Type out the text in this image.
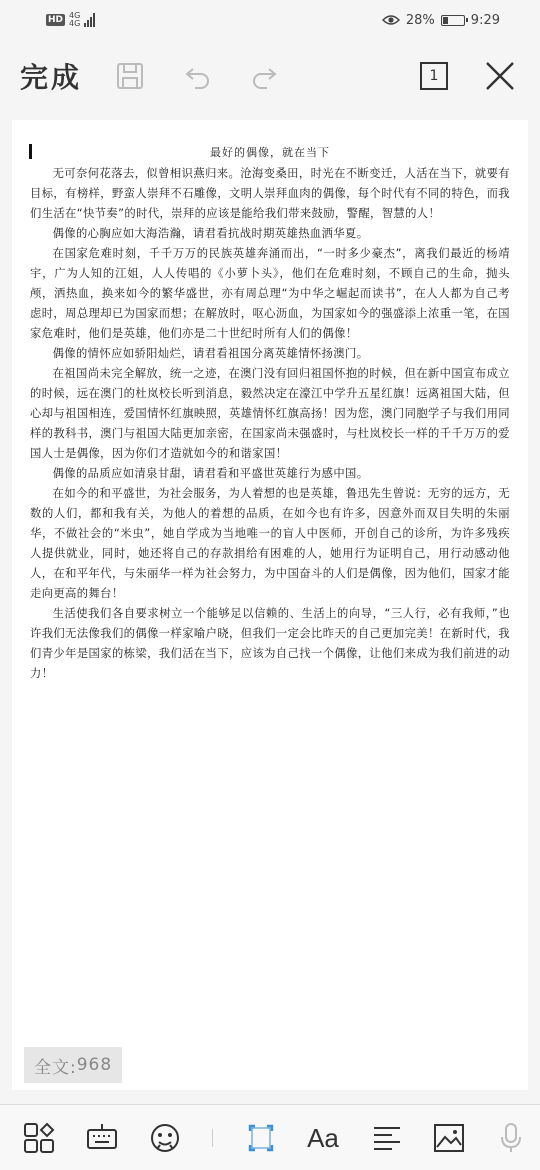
HD 4G
4G	28%	9:29
完成	1
最好的偶像，就在当下

无可奈何花落去，似曾相识燕归来。沧海变桑田，时光在不断变迁，人活在当下，就要有目标，有榜样，野蛮人崇拜不石雕像，文明人崇拜血肉的偶像，每个时代有不同的特色，而我们生活在“快节奏”的时代，崇拜的应该是能给我们带来鼓励，警醒，智慧的人！

偶像的心胸应如大海浩瀚，请君看抗战时期英雄热血洒华夏。

在国家危难时刻，千千万万的民族英雄奔涌而出，“一时多少豪杰”，离我们最近的杨靖宇，广为人知的江姐，人人传唱的《小萝卜头》，他们在危难时刻，不顾自己的生命，抛头颅，洒热血，换来如今的繁华盛世，亦有周总理“为中华之崛起而读书”，在人人都为自己考虑时，周总理却已为国家而想；在解放时，呕心沥血，为国家如今的强盛添上浓重一笔，在国家危难时，他们是英雄，他们亦是二十世纪时所有人们的偶像！

偶像的情怀应如骄阳灿烂，请君看祖国分离英雄情怀扬澳门。

在祖国尚未完全解放，统一之迹，在澳门没有回归祖国怀抱的时候，但在新中国宣布成立的时候，远在澳门的杜岚校长听到消息，毅然决定在濠江中学升五星红旗！远离祖国大陆，但心却与祖国相连，爱国情怀红旗映照，英雄情怀红旗高扬！因为您，澳门同胞学子与我们用同样的教科书，澳门与祖国大陆更加亲密，在国家尚未强盛时，与杜岚校长一样的千千万万的爱国人士是偶像，因为你们才造就如今的和谐家国！

偶像的品质应如清泉甘甜，请君看和平盛世英雄行为感中国。

在如今的和平盛世，为社会服务，为人着想的也是英雄，鲁迅先生曾说：无穷的远方，无数的人们，都和我有关，为他人的着想的品质，在如今也有许多，因意外而双目失明的朱丽华，不做社会的“米虫”，她自学成为当地唯一的盲人中医师，开创自己的诊所，为许多残疾人提供就业，同时，她还将自己的存款捐给有困难的人，她用行为证明自己，用行动感动他人，在和平年代，与朱丽华一样为社会努力，为中国奋斗的人们是偶像，因为他们，国家才能走向更高的舞台！

生活使我们各自要求树立一个能够足以信赖的、生活上的向导，“三人行，必有我师，”也许我们无法像我们的偶像一样家喻户晓，但我们一定会比昨天的自己更加完美！在新时代，我们青少年是国家的栋梁，我们活在当下，应该为自己找一个偶像，让他们来成为我们前进的动力！

全文: 968
Aa
